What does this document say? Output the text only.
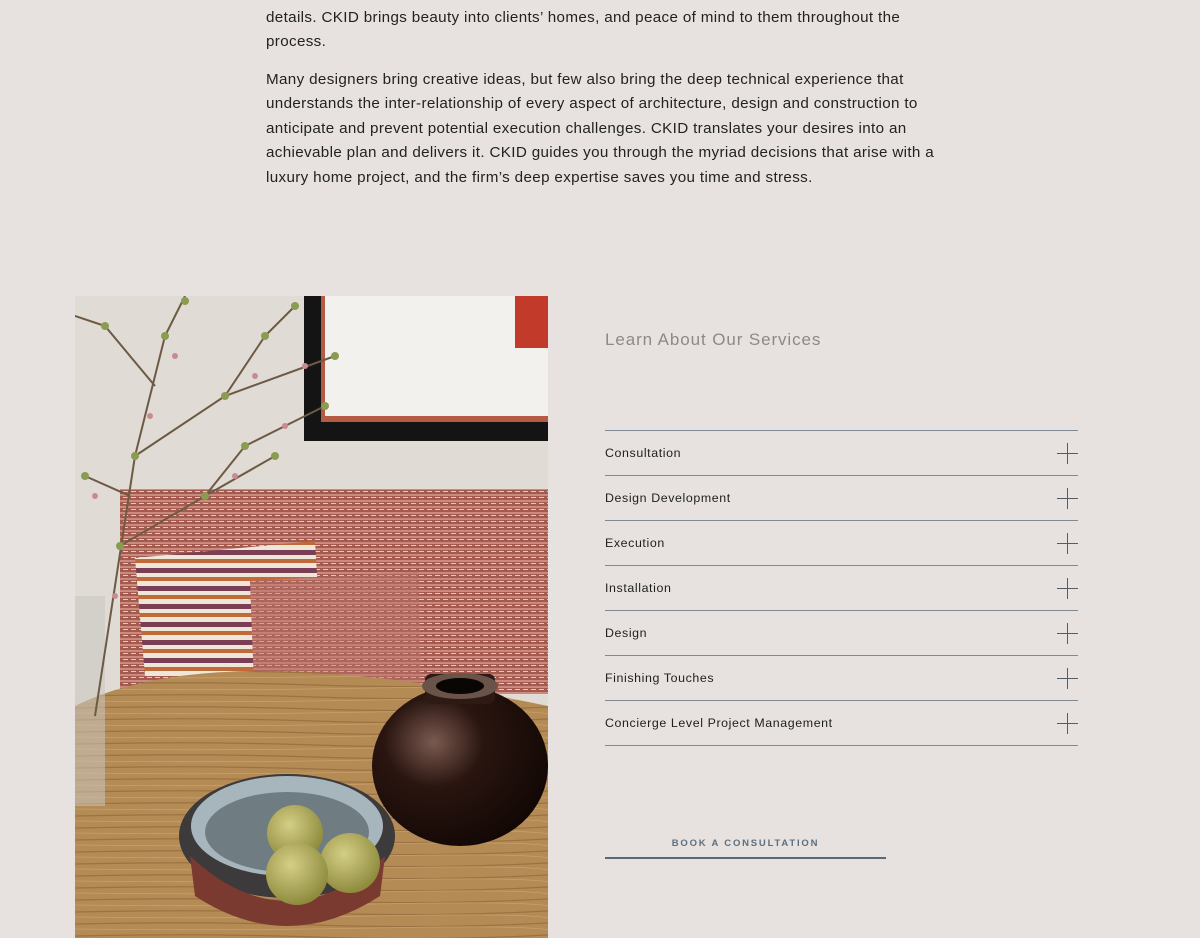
details. CKID brings beauty into clients’ homes, and peace of mind to them throughout the process.

Many designers bring creative ideas, but few also bring the deep technical experience that understands the inter-relationship of every aspect of architecture, design and construction to anticipate and prevent potential execution challenges. CKID translates your desires into an achievable plan and delivers it. CKID guides you through the myriad decisions that arise with a luxury home project, and the firm’s deep expertise saves you time and stress.

Learn About Our Services
Consultation
Design Development
Execution
Installation
Design
Finishing Touches
Concierge Level Project Management
BOOK A CONSULTATION
